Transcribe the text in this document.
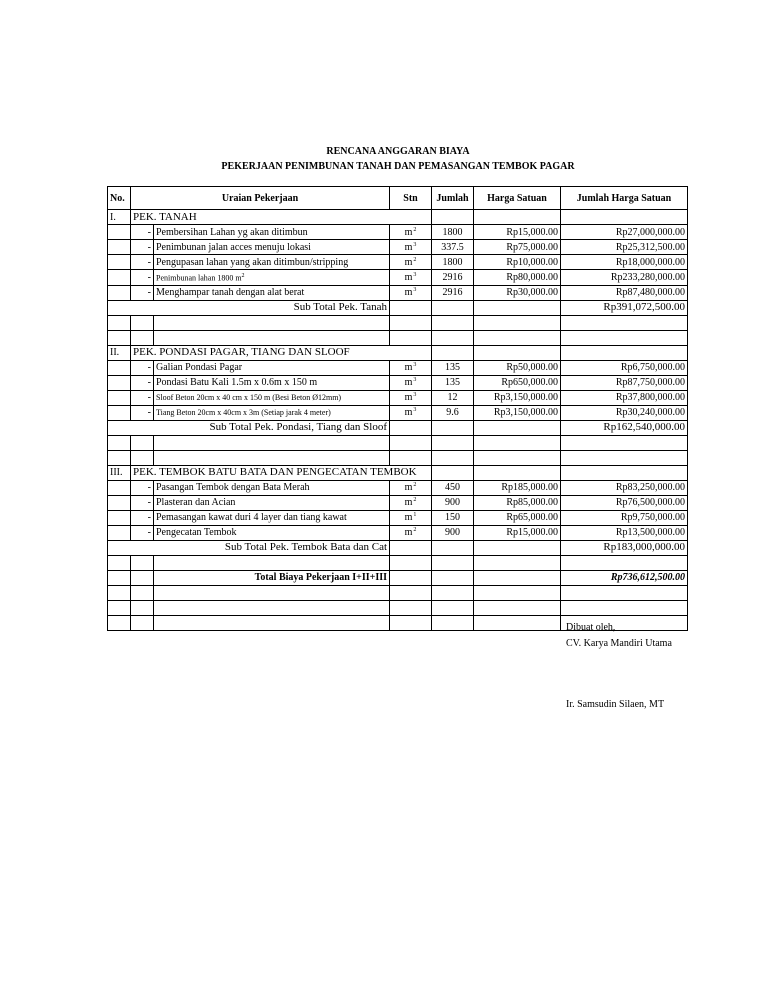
RENCANA ANGGARAN BIAYA
PEKERJAAN PENIMBUNAN TANAH DAN PEMASANGAN TEMBOK PAGAR
No.	Uraian Pekerjaan		Stn	Jumlah	Harga Satuan	Jumlah Harga Satuan
I.	PEK. TANAH					
	-	Pembersihan Lahan yg akan ditimbun	$m^2$	1800	Rp15,000.00	Rp27,000,000.00
	-	Penimbunan jalan acces menuju lokasi	$m^3$	337.5	Rp75,000.00	Rp25,312,500.00
	-	Pengupasan lahan yang akan ditimbun/stripping	$m^2$	1800	Rp10,000.00	Rp18,000,000.00
	-	Penimbunan lahan 1800 $m^2$	$m^3$	2916	Rp80,000.00	Rp233,280,000.00
	-	Menghampar tanah dengan alat berat	$m^3$	2916	Rp30,000.00	Rp87,480,000.00
Sub Total Pek. Tanah						Rp391,072,500.00

II.	PEK. PONDASI PAGAR, TIANG DAN SLOOF					
	-	Galian Pondasi Pagar	$m^3$	135	Rp50,000.00	Rp6,750,000.00
	-	Pondasi Batu Kali 1.5m x 0.6m x 150 m	$m^3$	135	Rp650,000.00	Rp87,750,000.00
	-	Sloof Beton 20cm x 40 cm x 150 m (Besi Beton Ø12mm)	$m^3$	12	Rp3,150,000.00	Rp37,800,000.00
	-	Tiang Beton 20cm x 40cm x 3m (Setiap jarak 4 meter)	$m^3$	9.6	Rp3,150,000.00	Rp30,240,000.00
Sub Total Pek. Pondasi, Tiang dan Sloof						Rp162,540,000.00

III.	PEK. TEMBOK BATU BATA DAN PENGECATAN TEMBOK					
	-	Pasangan Tembok dengan Bata Merah	$m^2$	450	Rp185,000.00	Rp83,250,000.00
	-	Plasteran dan Acian	$m^2$	900	Rp85,000.00	Rp76,500,000.00
	-	Pemasangan kawat duri 4 layer dan tiang kawat	$m^1$	150	Rp65,000.00	Rp9,750,000.00
	-	Pengecatan Tembok	$m^2$	900	Rp15,000.00	Rp13,500,000.00
Sub Total Pek. Tembok Bata dan Cat						Rp183,000,000.00

		Total Biaya Pekerjaan I+II+III				Rp736,612,500.00

Dibuat oleh,
CV. Karya Mandiri Utama
Ir. Samsudin Silaen, MT
